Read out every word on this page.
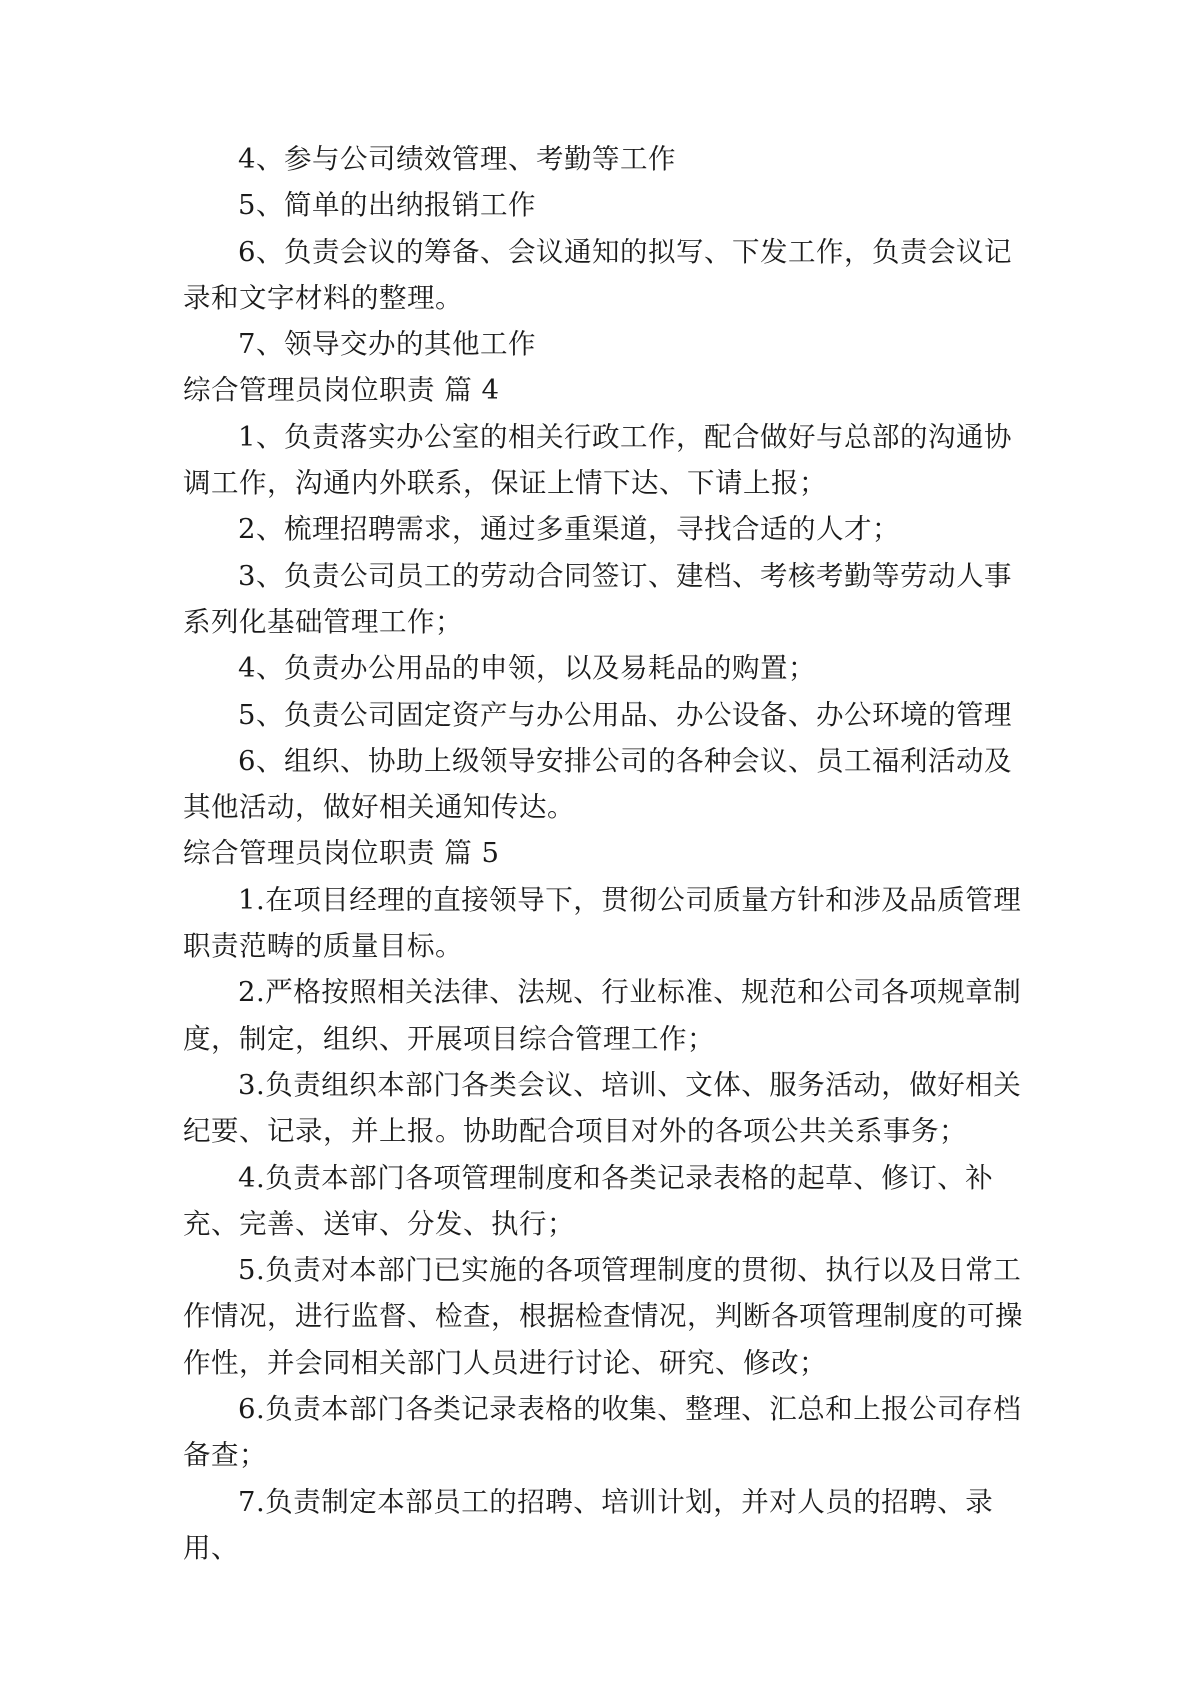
4、参与公司绩效管理、考勤等工作

5、简单的出纳报销工作

6、负责会议的筹备、会议通知的拟写、下发工作，负责会议记录和文字材料的整理。

7、领导交办的其他工作

综合管理员岗位职责 篇 4

1、负责落实办公室的相关行政工作，配合做好与总部的沟通协调工作，沟通内外联系，保证上情下达、下请上报；

2、梳理招聘需求，通过多重渠道，寻找合适的人才；

3、负责公司员工的劳动合同签订、建档、考核考勤等劳动人事系列化基础管理工作；

4、负责办公用品的申领，以及易耗品的购置；

5、负责公司固定资产与办公用品、办公设备、办公环境的管理

6、组织、协助上级领导安排公司的各种会议、员工福利活动及其他活动，做好相关通知传达。

综合管理员岗位职责 篇 5

1.在项目经理的直接领导下，贯彻公司质量方针和涉及品质管理职责范畴的质量目标。

2.严格按照相关法律、法规、行业标准、规范和公司各项规章制度，制定，组织、开展项目综合管理工作；

3.负责组织本部门各类会议、培训、文体、服务活动，做好相关纪要、记录，并上报。协助配合项目对外的各项公共关系事务；

4.负责本部门各项管理制度和各类记录表格的起草、修订、补充、完善、送审、分发、执行；

5.负责对本部门已实施的各项管理制度的贯彻、执行以及日常工作情况，进行监督、检查，根据检查情况，判断各项管理制度的可操作性，并会同相关部门人员进行讨论、研究、修改；

6.负责本部门各类记录表格的收集、整理、汇总和上报公司存档备查；

7.负责制定本部员工的招聘、培训计划，并对人员的招聘、录用、
